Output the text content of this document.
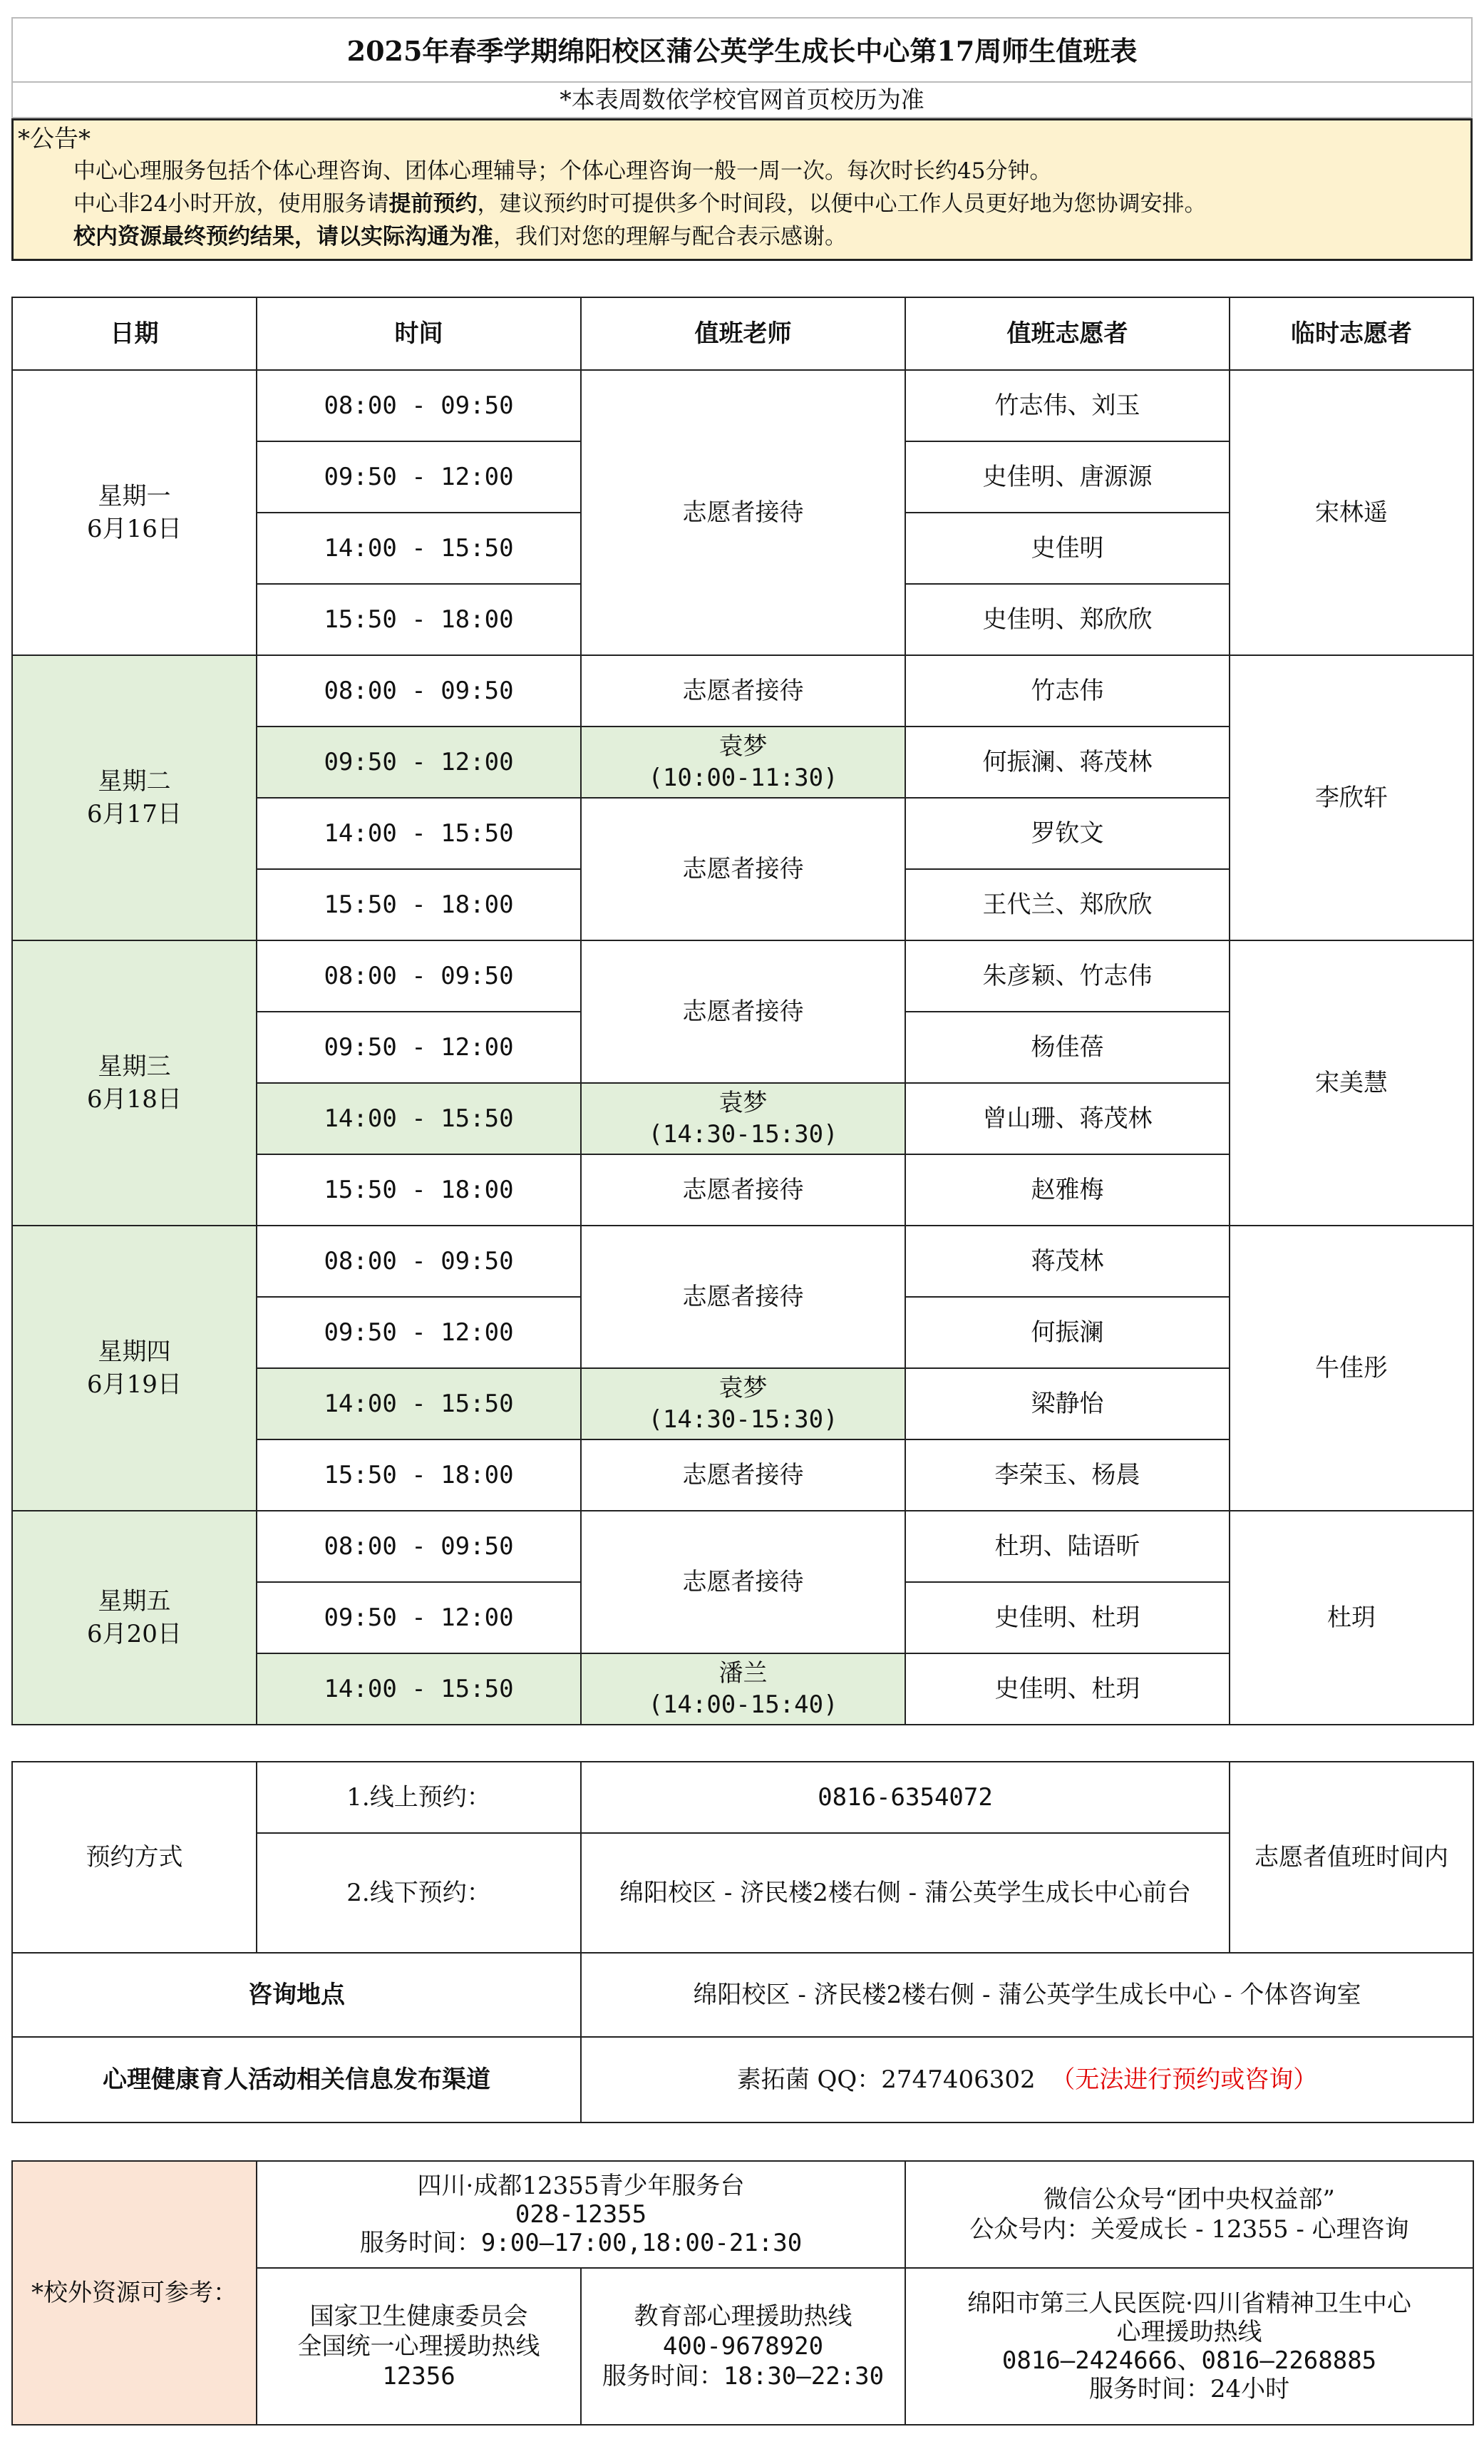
2025年春季学期绵阳校区蒲公英学生成长中心第17周师生值班表
*本表周数依学校官网首页校历为准
*公告*
中心心理服务包括个体心理咨询、团体心理辅导；个体心理咨询一般一周一次。每次时长约45分钟。
中心非24小时开放，使用服务请提前预约，建议预约时可提供多个时间段，以便中心工作人员更好地为您协调安排。
校内资源最终预约结果，请以实际沟通为准，我们对您的理解与配合表示感谢。
日期	时间	值班老师	值班志愿者	临时志愿者
星期一
6月16日	08:00 - 09:50	志愿者接待	竹志伟、刘玉	宋林遥
	09:50 - 12:00		史佳明、唐源源	
	14:00 - 15:50		史佳明	
	15:50 - 18:00		史佳明、郑欣欣	
星期二
6月17日	08:00 - 09:50	志愿者接待	竹志伟	李欣轩
	09:50 - 12:00	袁梦
(10:00-11:30)	何振澜、蒋茂林	
	14:00 - 15:50	志愿者接待	罗钦文	
	15:50 - 18:00		王代兰、郑欣欣	
星期三
6月18日	08:00 - 09:50	志愿者接待	朱彦颖、竹志伟	宋美慧
	09:50 - 12:00		杨佳蓓	
	14:00 - 15:50	袁梦
(14:30-15:30)	曾山珊、蒋茂林	
	15:50 - 18:00	志愿者接待	赵雅梅	
星期四
6月19日	08:00 - 09:50	志愿者接待	蒋茂林	牛佳彤
	09:50 - 12:00		何振澜	
	14:00 - 15:50	袁梦
(14:30-15:30)	梁静怡	
	15:50 - 18:00	志愿者接待	李荣玉、杨晨	
星期五
6月20日	08:00 - 09:50	志愿者接待	杜玥、陆语昕	杜玥
	09:50 - 12:00		史佳明、杜玥	
	14:00 - 15:50	潘兰
(14:00-15:40)	史佳明、杜玥	
预约方式	1.线上预约：	0816-6354072	志愿者值班时间内
	2.线下预约：	绵阳校区 - 济民楼2楼右侧 - 蒲公英学生成长中心前台	
咨询地点	绵阳校区 - 济民楼2楼右侧 - 蒲公英学生成长中心 - 个体咨询室
心理健康育人活动相关信息发布渠道	素拓菌 QQ：2747406302 （无法进行预约或咨询）
*校外资源可参考：	四川·成都12355青少年服务台
028-12355
服务时间：9:00—17:00,18:00-21:30		微信公众号“团中央权益部”
公众号内：关爱成长 - 12355 - 心理咨询
	国家卫生健康委员会
全国统一心理援助热线
12356	教育部心理援助热线
400-9678920
服务时间：18:30—22:30	绵阳市第三人民医院·四川省精神卫生中心
心理援助热线
0816—2424666、0816—2268885
服务时间：24小时
